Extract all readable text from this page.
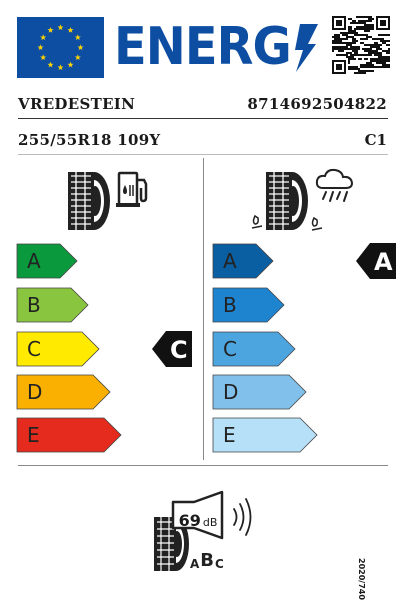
ENERG
VREDESTEIN	8714692504822
255/55R18 109Y	C1
A	A
B	B
C	C
D	D
E	E
C
A
69 dB
A B C	2020/740
